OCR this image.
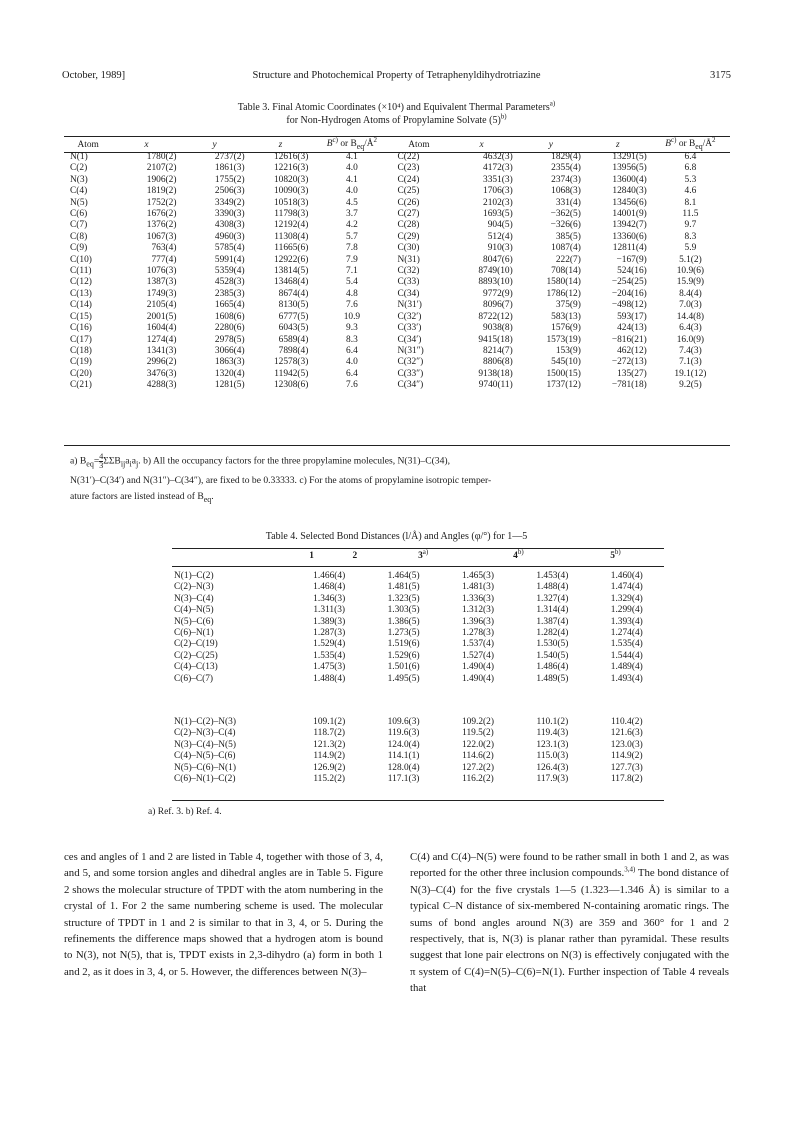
October, 1989]	Structure and Photochemical Property of Tetraphenyldihydrotriazine	3175
Table 3. Final Atomic Coordinates (×10⁴) and Equivalent Thermal Parameters$^{a)}$
for Non-Hydrogen Atoms of Propylamine Solvate $(5)^{b)}$
Atom	x	y	z	$B^{c)}$ or $B_{eq}/Å^2$	Atom	x	y	z	$B^{c)}$ or $B_{eq}/Å^2$
N(1)	1780(2)	2737(2)	12616(3)	4.1	C(22)	4632(3)	1829(4)	13291(5)	6.4
C(2)	2107(2)	1861(3)	12216(3)	4.0	C(23)	4172(3)	2355(4)	13956(5)	6.8
N(3)	1906(2)	1755(2)	10820(3)	4.1	C(24)	3351(3)	2374(3)	13600(4)	5.3
C(4)	1819(2)	2506(3)	10090(3)	4.0	C(25)	1706(3)	1068(3)	12840(3)	4.6
N(5)	1752(2)	3349(2)	10518(3)	4.5	C(26)	2102(3)	331(4)	13456(6)	8.1
C(6)	1676(2)	3390(3)	11798(3)	3.7	C(27)	1693(5)	−362(5)	14001(9)	11.5
C(7)	1376(2)	4308(3)	12192(4)	4.2	C(28)	904(5)	−326(6)	13942(7)	9.7
C(8)	1067(3)	4960(3)	11308(4)	5.7	C(29)	512(4)	385(5)	13360(6)	8.3
C(9)	763(4)	5785(4)	11665(6)	7.8	C(30)	910(3)	1087(4)	12811(4)	5.9
C(10)	777(4)	5991(4)	12922(6)	7.9	N(31)	8047(6)	222(7)	−167(9)	5.1(2)
C(11)	1076(3)	5359(4)	13814(5)	7.1	C(32)	8749(10)	708(14)	524(16)	10.9(6)
C(12)	1387(3)	4528(3)	13468(4)	5.4	C(33)	8893(10)	1580(14)	−254(25)	15.9(9)
C(13)	1749(3)	2385(3)	8674(4)	4.8	C(34)	9772(9)	1786(12)	−204(16)	8.4(4)
C(14)	2105(4)	1665(4)	8130(5)	7.6	N(31′)	8096(7)	375(9)	−498(12)	7.0(3)
C(15)	2001(5)	1608(6)	6777(5)	10.9	C(32′)	8722(12)	583(13)	593(17)	14.4(8)
C(16)	1604(4)	2280(6)	6043(5)	9.3	C(33′)	9038(8)	1576(9)	424(13)	6.4(3)
C(17)	1274(4)	2978(5)	6589(4)	8.3	C(34′)	9415(18)	1573(19)	−816(21)	16.0(9)
C(18)	1341(3)	3066(4)	7898(4)	6.4	N(31″)	8214(7)	153(9)	462(12)	7.4(3)
C(19)	2996(2)	1863(3)	12578(3)	4.0	C(32″)	8806(8)	545(10)	−272(13)	7.1(3)
C(20)	3476(3)	1320(4)	11942(5)	6.4	C(33″)	9138(18)	1500(15)	135(27)	19.1(12)
C(21)	4288(3)	1281(5)	12308(6)	7.6	C(34″)	9740(11)	1737(12)	−781(18)	9.2(5)
a) $B_{eq}= \frac{4}{3} \Sigma\Sigma B_{ij}a_ia_j$. b) All the occupancy factors for the three propylamine molecules, N(31)–C(34),
N(31′)–C(34′) and N(31″)–C(34″), are fixed to be 0.33333. c) For the atoms of propylamine isotropic temper-
ature factors are listed instead of $B_{eq}$.
Table 4. Selected Bond Distances (l/Å) and Angles (φ/°) for 1—5
	1	2	3$^{a)}$	4$^{b)}$	5$^{b)}$
N(1)–C(2)	1.466(4)	1.464(5)	1.465(3)	1.453(4)	1.460(4)
C(2)–N(3)	1.468(4)	1.481(5)	1.481(3)	1.488(4)	1.474(4)
N(3)–C(4)	1.346(3)	1.323(5)	1.336(3)	1.327(4)	1.329(4)
C(4)–N(5)	1.311(3)	1.303(5)	1.312(3)	1.314(4)	1.299(4)
N(5)–C(6)	1.389(3)	1.386(5)	1.396(3)	1.387(4)	1.393(4)
C(6)–N(1)	1.287(3)	1.273(5)	1.278(3)	1.282(4)	1.274(4)
C(2)–C(19)	1.529(4)	1.519(6)	1.537(4)	1.530(5)	1.535(4)
C(2)–C(25)	1.535(4)	1.529(6)	1.527(4)	1.540(5)	1.544(4)
C(4)–C(13)	1.475(3)	1.501(6)	1.490(4)	1.486(4)	1.489(4)
C(6)–C(7)	1.488(4)	1.495(5)	1.490(4)	1.489(5)	1.493(4)
N(1)–C(2)–N(3)	109.1(2)	109.6(3)	109.2(2)	110.1(2)	110.4(2)
C(2)–N(3)–C(4)	118.7(2)	119.6(3)	119.5(2)	119.4(3)	121.6(3)
N(3)–C(4)–N(5)	121.3(2)	124.0(4)	122.0(2)	123.1(3)	123.0(3)
C(4)–N(5)–C(6)	114.9(2)	114.1(1)	114.6(2)	115.0(3)	114.9(2)
N(5)–C(6)–N(1)	126.9(2)	128.0(4)	127.2(2)	126.4(3)	127.7(3)
C(6)–N(1)–C(2)	115.2(2)	117.1(3)	116.2(2)	117.9(3)	117.8(2)
a) Ref. 3. b) Ref. 4.

ces and angles of 1 and 2 are listed in Table 4, together with those of 3, 4, and 5, and some torsion angles and dihedral angles are in Table 5. Figure 2 shows the molecular structure of TPDT with the atom numbering in the crystal of 1. For 2 the same numbering scheme is used. The molecular structure of TPDT in 1 and 2 is similar to that in 3, 4, or 5. During the refinements the difference maps showed that a hydrogen atom is bound to N(3), not N(5), that is, TPDT exists in 2,3-dihydro (a) form in both 1 and 2, as it does in 3, 4, or 5. However, the differences between N(3)–

C(4) and C(4)–N(5) were found to be rather small in both 1 and 2, as was reported for the other three inclusion compounds.$^{3,4)}$ The bond distance of N(3)–C(4) for the five crystals 1—5 (1.323—1.346 Å) is similar to a typical C–N distance of six-membered N-containing aromatic rings. The sums of bond angles around N(3) are 359 and 360° for 1 and 2 respectively, that is, N(3) is planar rather than pyramidal. These results suggest that lone pair electrons on N(3) is effectively conjugated with the π system of C(4)=N(5)–C(6)=N(1). Further inspection of Table 4 reveals that
